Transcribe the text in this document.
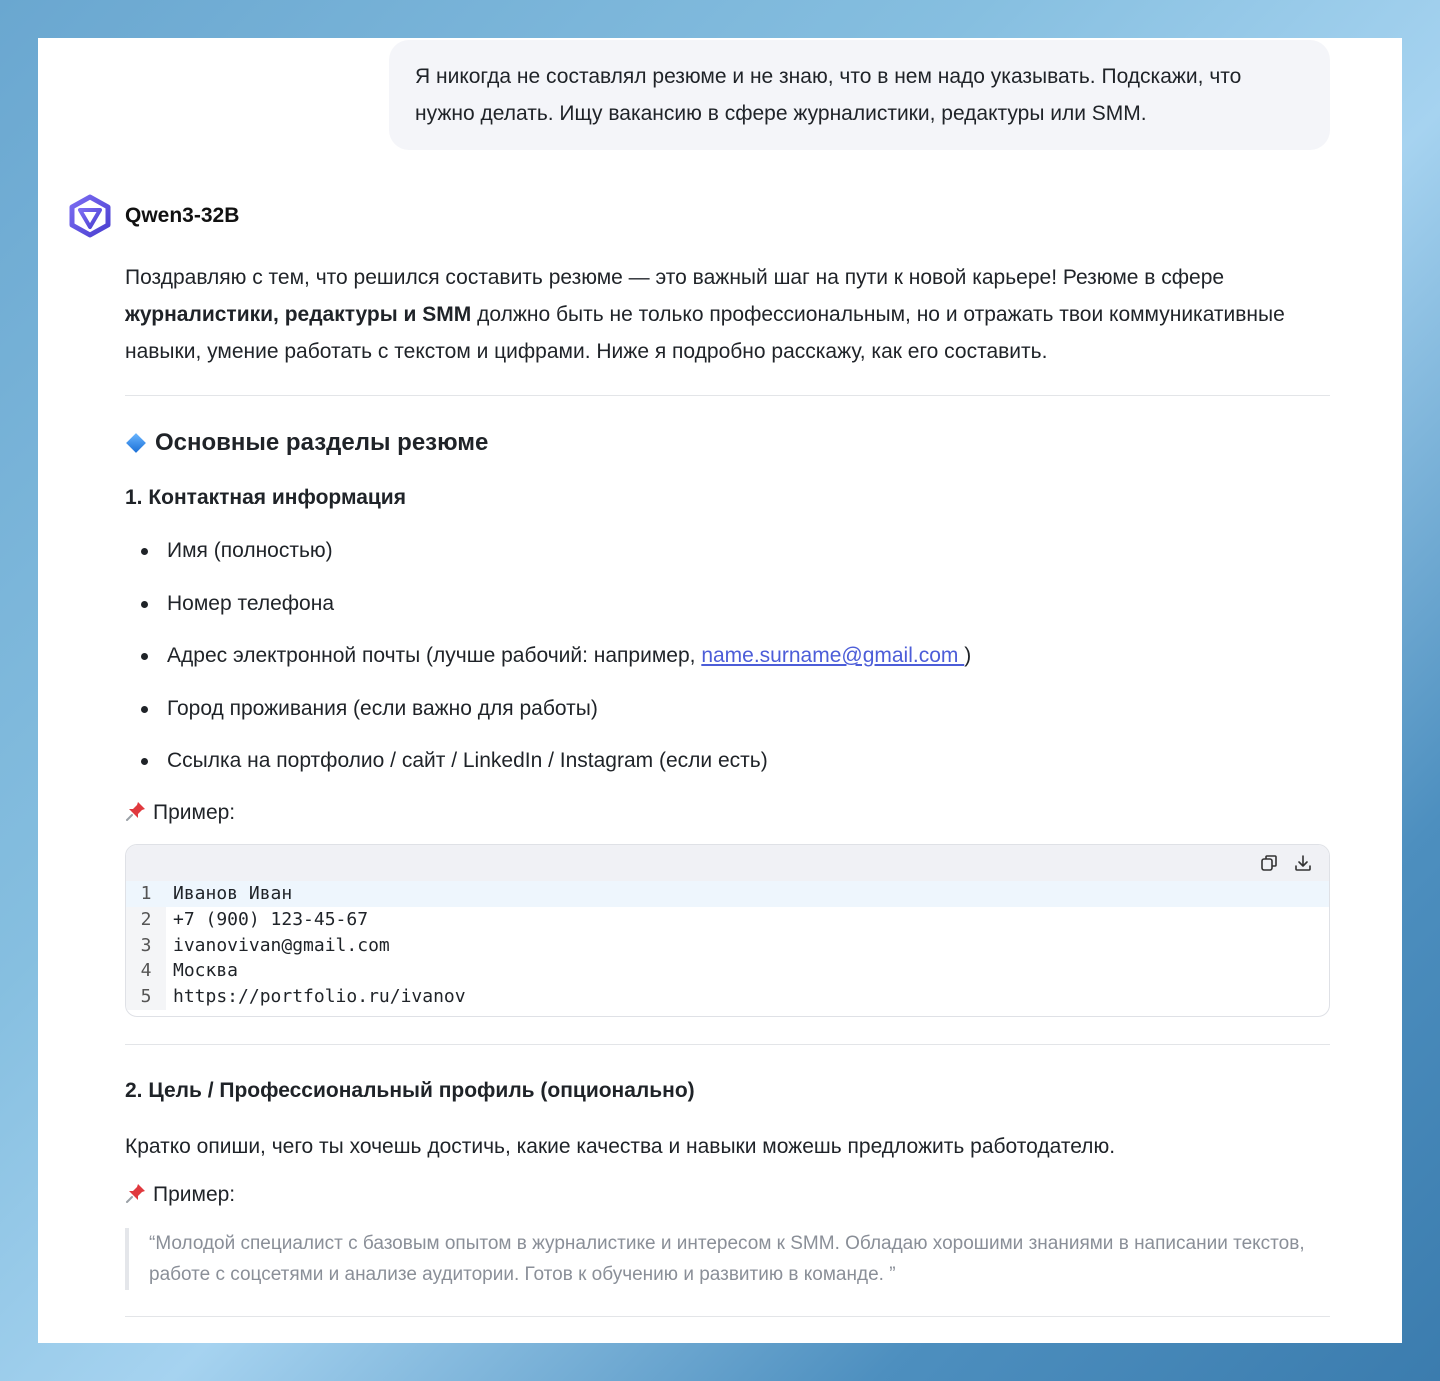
Я никогда не составлял резюме и не знаю, что в нем надо указывать. Подскажи, что нужно делать. Ищу вакансию в сфере журналистики, редактуры или SMM.
Qwen3-32B

Поздравляю с тем, что решился составить резюме — это важный шаг на пути к новой карьере! Резюме в сфере журналистики, редактуры и SMM должно быть не только профессиональным, но и отражать твои коммуникативные навыки, умение работать с текстом и цифрами. Ниже я подробно расскажу, как его составить.

Основные разделы резюме
1. Контактная информация
Имя (полностью)
Номер телефона
Адрес электронной почты (лучше рабочий: например, name.surname@gmail.com )
Город проживания (если важно для работы)
Ссылка на портфолио / сайт / LinkedIn / Instagram (если есть)
Пример:
1	Иванов Иван
2	+7 (900) 123-45-67
3	ivanovivan@gmail.com
4	Москва
5	https://portfolio.ru/ivanov
2. Цель / Профессиональный профиль (опционально)

Кратко опиши, чего ты хочешь достичь, какие качества и навыки можешь предложить работодателю.

Пример:
“Молодой специалист с базовым опытом в журналистике и интересом к SMM. Обладаю хорошими знаниями в написании текстов, работе с соцсетями и анализе аудитории. Готов к обучению и развитию в команде. ”
